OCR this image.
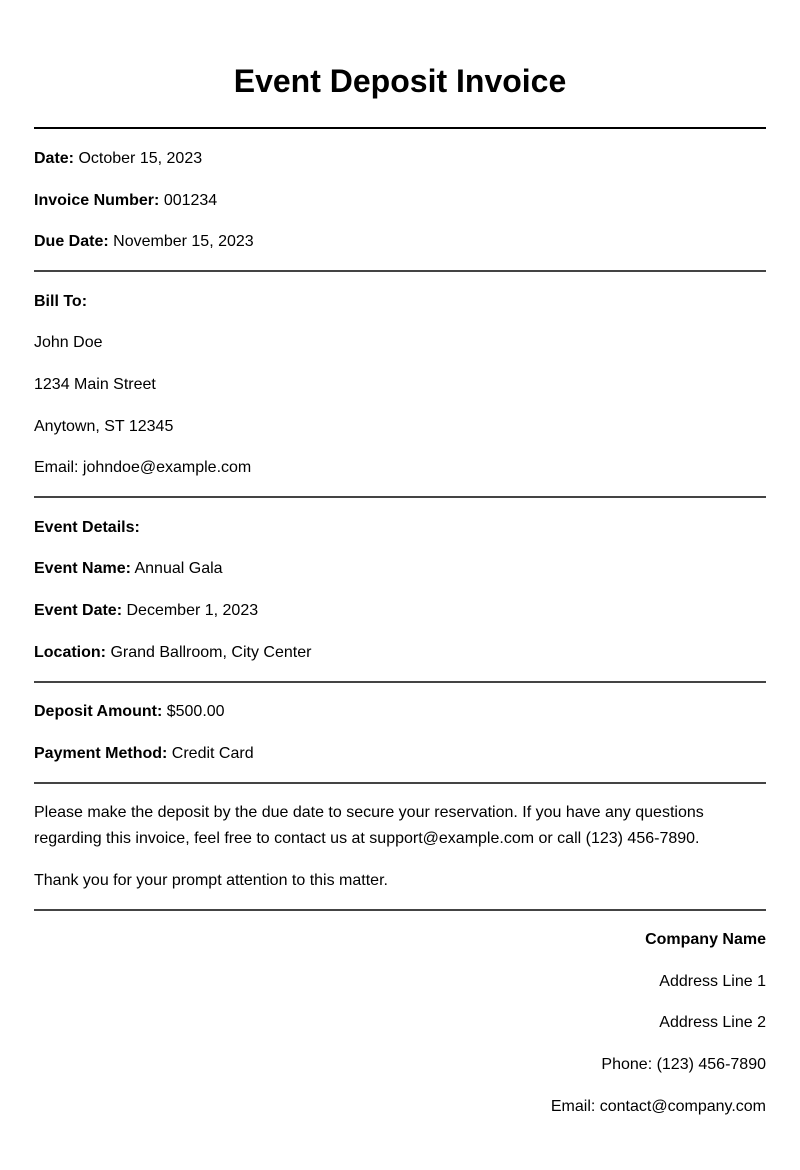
Event Deposit Invoice
Date: October 15, 2023
Invoice Number: 001234
Due Date: November 15, 2023
Bill To:
John Doe
1234 Main Street
Anytown, ST 12345
Email: johndoe@example.com
Event Details:
Event Name: Annual Gala
Event Date: December 1, 2023
Location: Grand Ballroom, City Center
Deposit Amount: $500.00
Payment Method: Credit Card
Please make the deposit by the due date to secure your reservation. If you have any questions regarding this invoice, feel free to contact us at support@example.com or call (123) 456-7890.
Thank you for your prompt attention to this matter.
Company Name
Address Line 1
Address Line 2
Phone: (123) 456-7890
Email: contact@company.com
